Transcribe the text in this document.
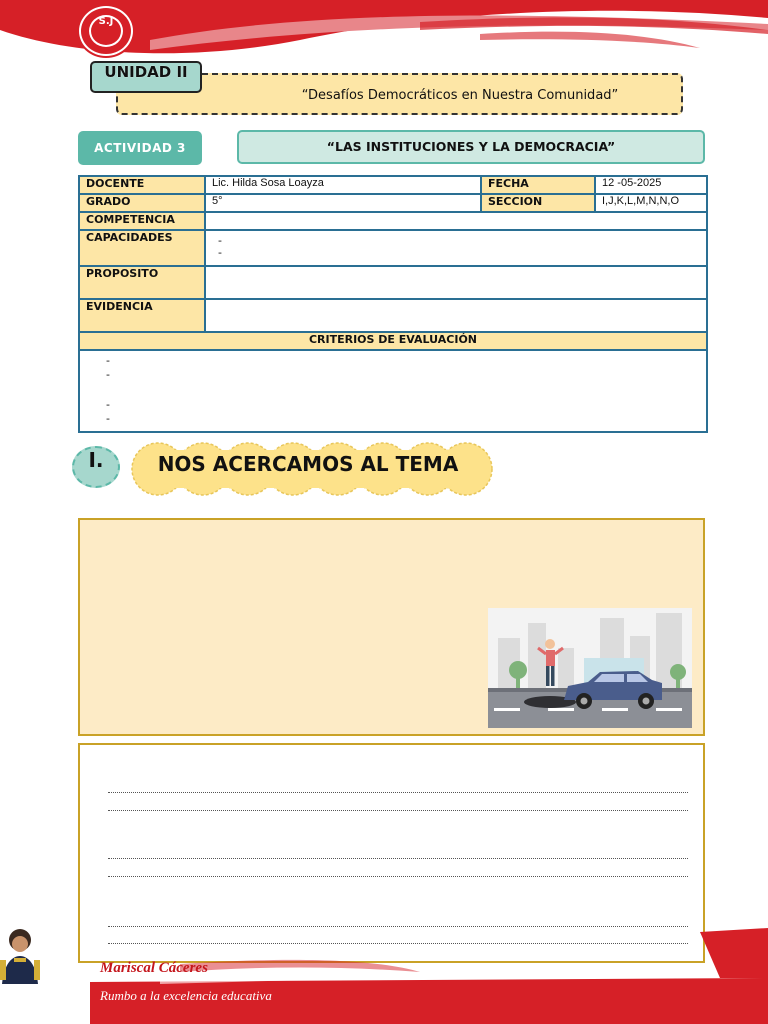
S.J
“Desafíos Democráticos en Nuestra Comunidad”
UNIDAD II
ACTIVIDAD 3	“LAS INSTITUCIONES Y LA DEMOCRACIA”
DOCENTE	Lic. Hilda Sosa Loayza	FECHA	12 -05-2025
GRADO	5°	SECCION	I,J,K,L,M,N,N,O
COMPETENCIA			
CAPACIDADES	-
-		

PROPOSITO			
EVIDENCIA			
CRITERIOS DE EVALUACIÓN			

-
-
-
-			
I.	NOS ACERCAMOS AL TEMA
Mariscal Cáceres
Rumbo a la excelencia educativa
